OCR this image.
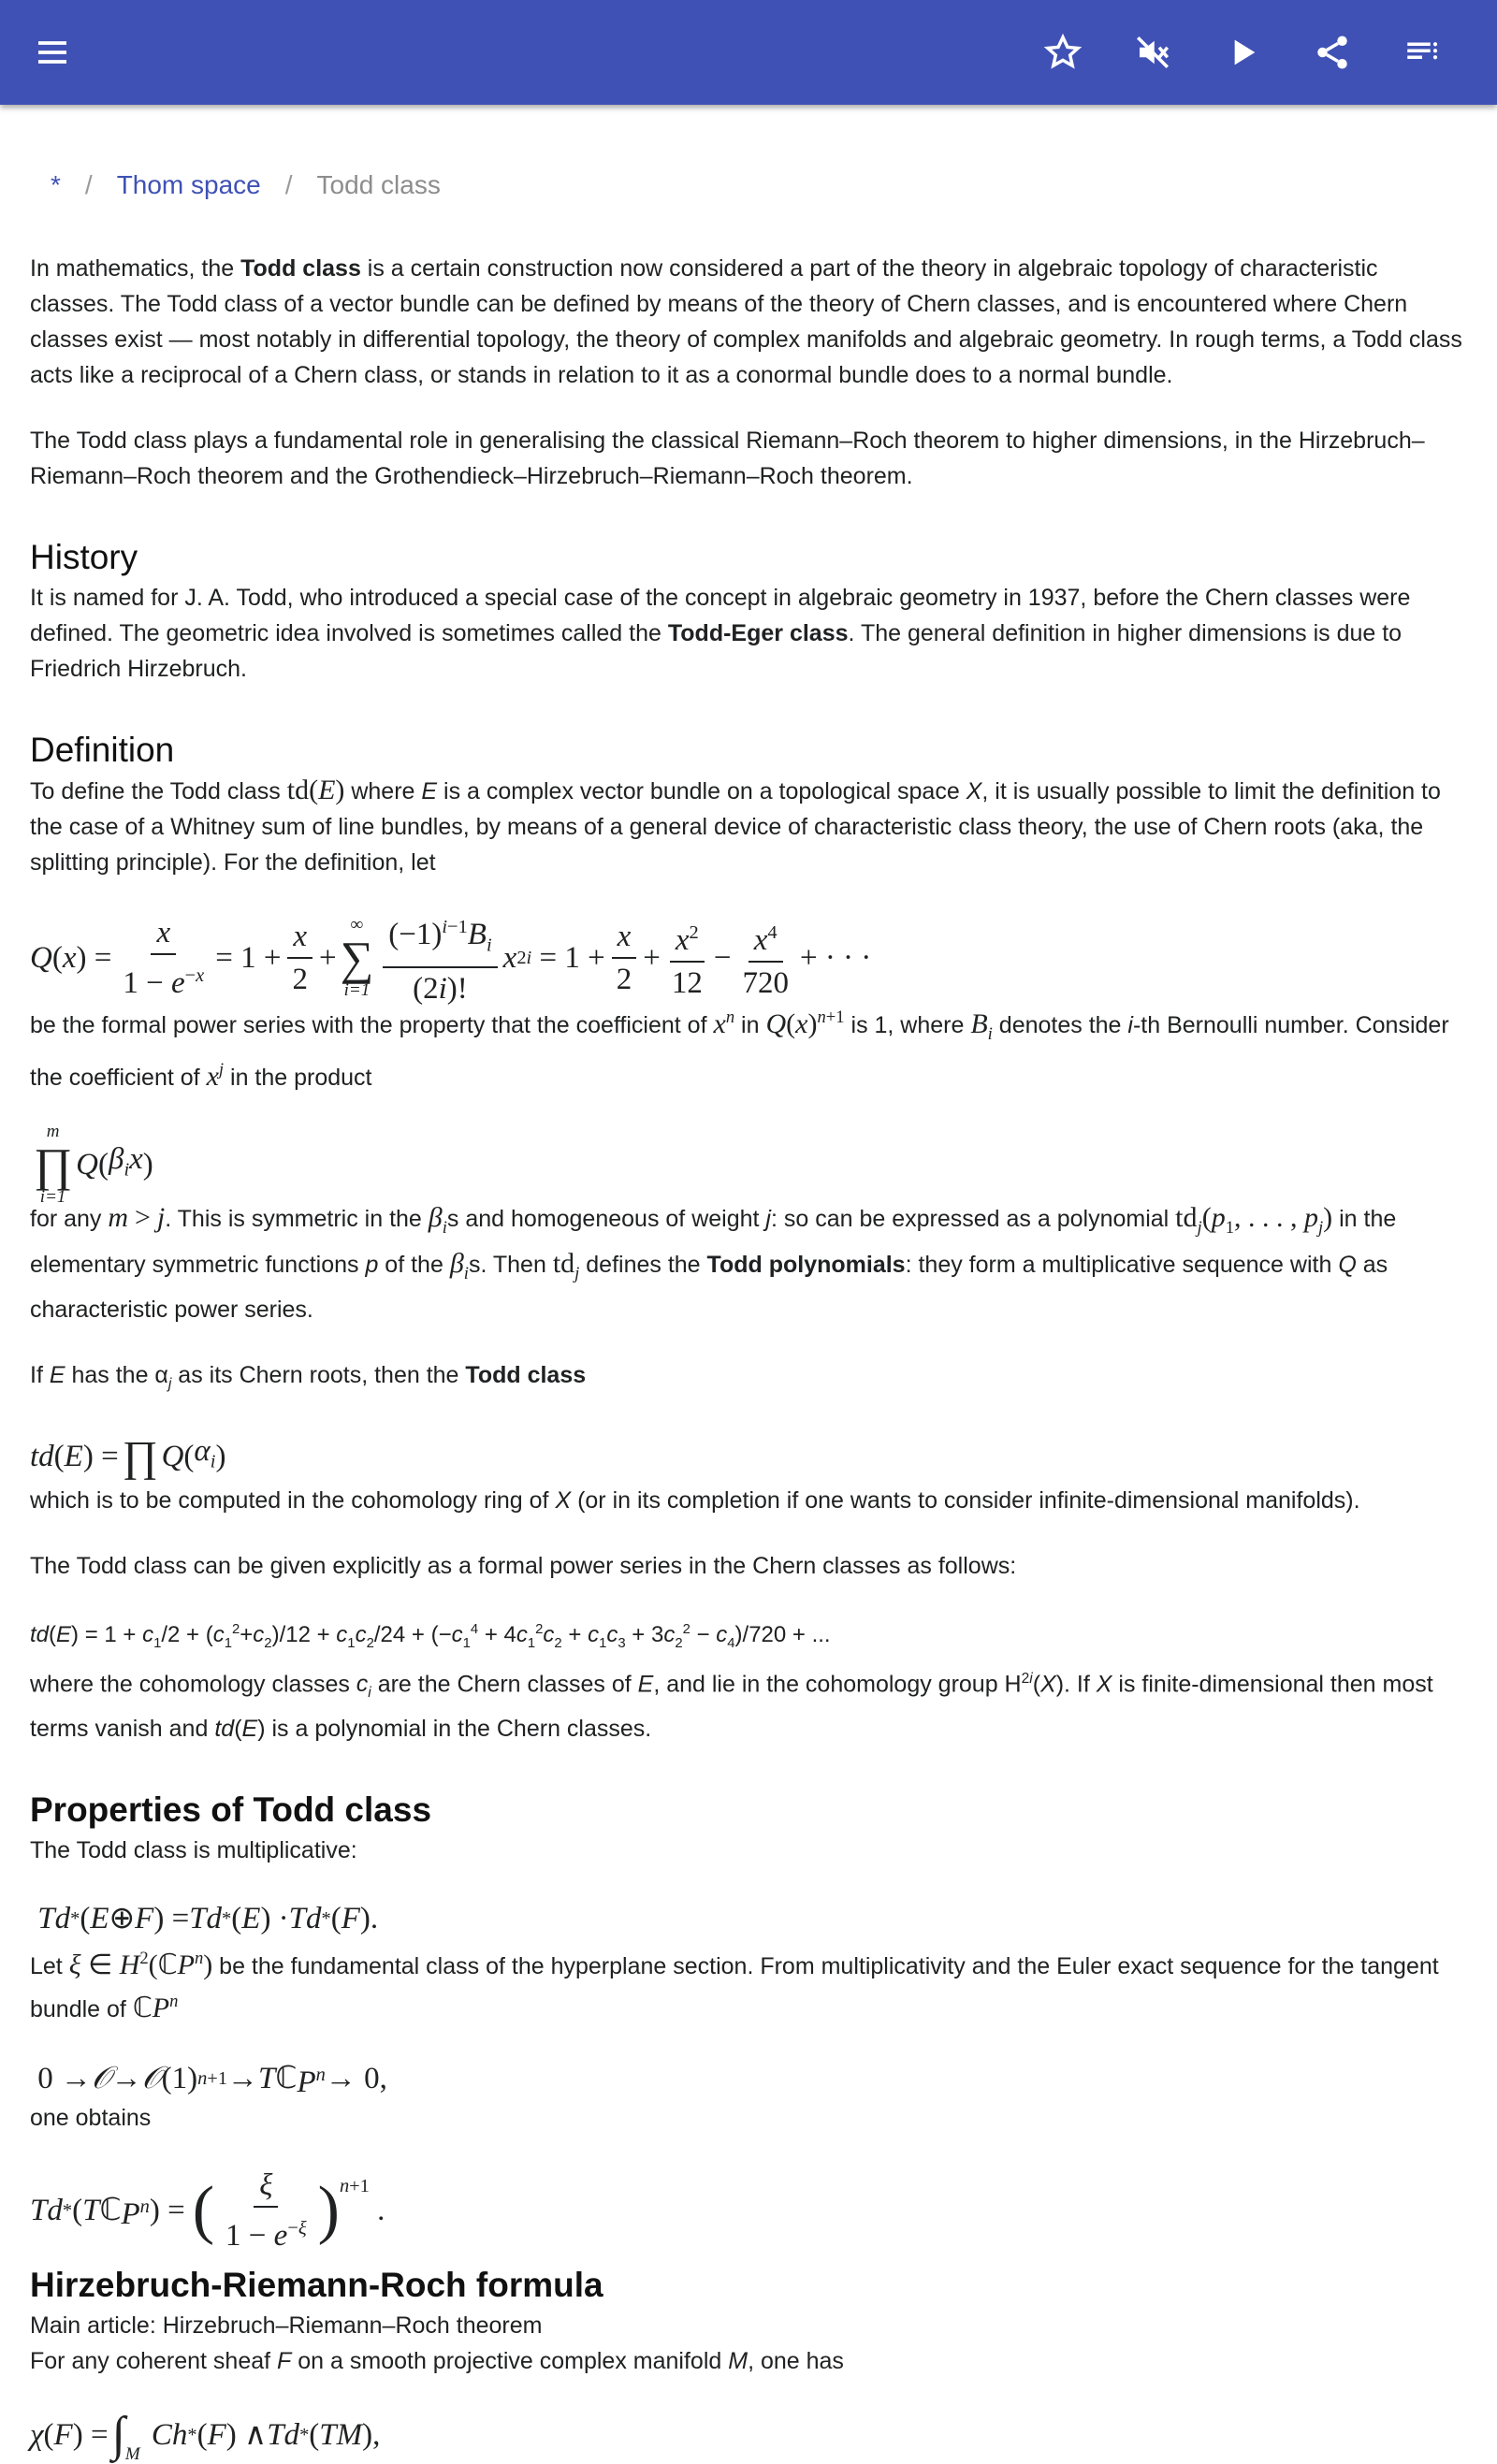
* / Thom space / Todd class

In mathematics, the Todd class is a certain construction now considered a part of the theory in algebraic topology of characteristic classes. The Todd class of a vector bundle can be defined by means of the theory of Chern classes, and is encountered where Chern classes exist — most notably in differential topology, the theory of complex manifolds and algebraic geometry. In rough terms, a Todd class acts like a reciprocal of a Chern class, or stands in relation to it as a conormal bundle does to a normal bundle.

The Todd class plays a fundamental role in generalising the classical Riemann–Roch theorem to higher dimensions, in the Hirzebruch–Riemann–Roch theorem and the Grothendieck–Hirzebruch–Riemann–Roch theorem.

History

It is named for J. A. Todd, who introduced a special case of the concept in algebraic geometry in 1937, before the Chern classes were defined. The geometric idea involved is sometimes called the Todd-Eger class. The general definition in higher dimensions is due to Friedrich Hirzebruch.

Definition

To define the Todd class td(E) where E is a complex vector bundle on a topological space X, it is usually possible to limit the definition to the case of a Whitney sum of line bundles, by means of a general device of characteristic class theory, the use of Chern roots (aka, the splitting principle). For the definition, let

Q ( x ) = $\frac{x}{1 - e^{-x}} = 1 + \frac{x}{2}$ +
∞
∑
$i=1 \frac{(-1)^{i-1}B_i}{(2i)!}$ x $2i = 1 + \frac{x}{2} + \frac{x^2}{12} - \frac{x^4}{720}$ + · · ·

be the formal power series with the property that the coefficient of $x^n$ in $Q(x)^{n+1}$ is 1, where $B_i$ denotes the i-th Bernoulli number. Consider the coefficient of $x^j$ in the product

m
∏
i=1
Q ( $\beta_ix$ )

for any m > j. This is symmetric in the $\beta_is$ and homogeneous of weight j: so can be expressed as a polynomial $td_j(p_1$, . . . , $p_j$) in the elementary symmetric functions p of the $\beta_is$. Then $td_j$ defines the Todd polynomials: they form a multiplicative sequence with Q as characteristic power series.

If E has the $\alpha_j$ as its Chern roots, then the Todd class

td ( E ) = ∏ Q ( $\alpha_i$ )

which is to be computed in the cohomology ring of X (or in its completion if one wants to consider infinite-dimensional manifolds).

The Todd class can be given explicitly as a formal power series in the Chern classes as follows:

$td(E) = 1 + c_1/2 + (c_1^2+c_2)/12 + c_1c_2/24 + (-c_1^4 + 4c_1^2c_2 + c_1c_3 + 3c_2^2 - c_4)/720$ + ...

where the cohomology classes $c_i$ are the Chern classes of E, and lie in the cohomology group $H^{2i}(X)$. If X is finite-dimensional then most terms vanish and td(E) is a polynomial in the Chern classes.

Properties of Todd class

The Todd class is multiplicative:

Td * ( E ⊕ F ) = Td * ( E ) · Td * ( F ).

Let ξ ∈ $H^2(ℂP^n)$ be the fundamental class of the hyperplane section. From multiplicativity and the Euler exact sequence for the tangent bundle of ℂP$^n$

0 → 𝒪 → 𝒪 (1) n+1 → T ℂ $P^n \to 0$,

one obtains

Td * ( T ℂ $P^n$ ) = ( $\frac{\xi}{1 - e^{-\xi}}$ ) $^{n+1}$
.
Hirzebruch-Riemann-Roch formula

Main article: Hirzebruch–Riemann–Roch theorem

For any coherent sheaf F on a smooth projective complex manifold M, one has

χ ( F ) = ∫ M

Ch * ( F ) ∧ Td * ( TM ),
